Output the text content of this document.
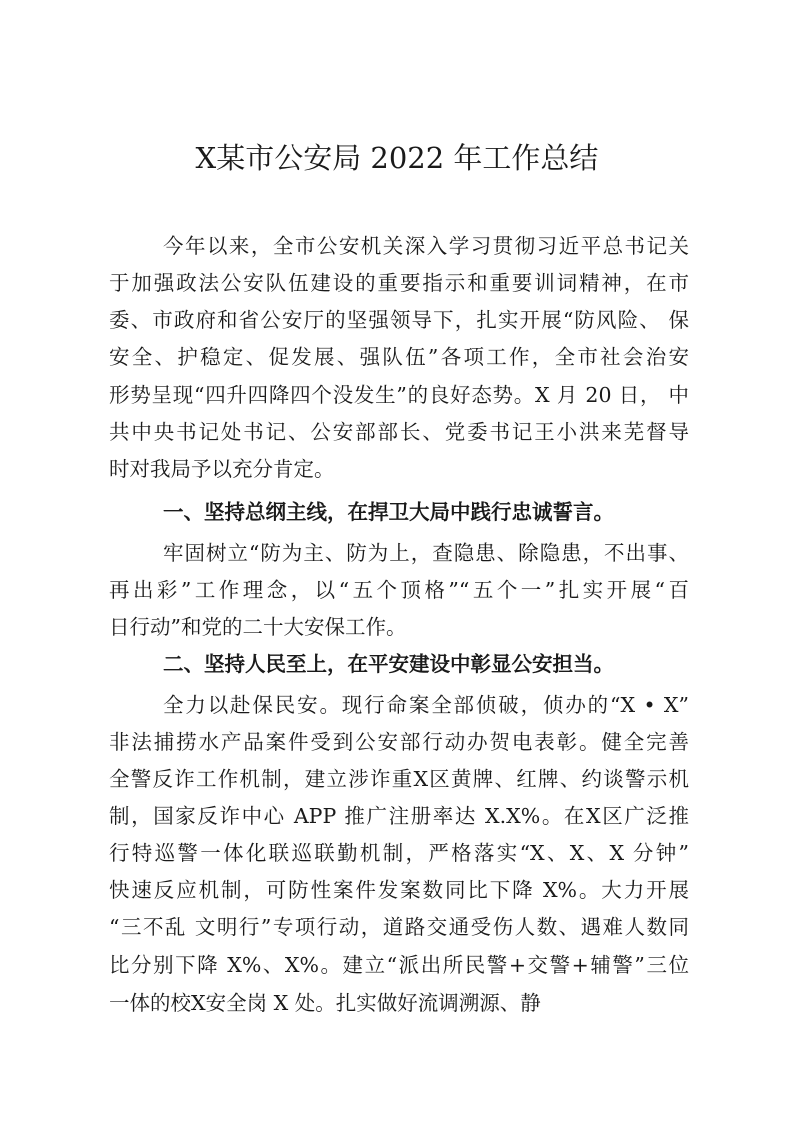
X某市公安局 2022 年工作总结
今年以来，全市公安机关深入学习贯彻习近平总书记关
于加强政法公安队伍建设的重要指示和重要训词精神，在市
委、市政府和省公安厅的坚强领导下，扎实开展“防风险、 保
安全、护稳定、促发展、强队伍”各项工作，全市社会治安
形势呈现“四升四降四个没发生”的良好态势。X 月 20 日， 中
共中央书记处书记、公安部部长、党委书记王小洪来芜督导
时对我局予以充分肯定。
一、坚持总纲主线，在捍卫大局中践行忠诚誓言。
牢固树立“防为主、防为上，查隐患、除隐患，不出事、
再出彩”工作理念，以“五个顶格”“五个一”扎实开展“百
日行动”和党的二十大安保工作。
二、坚持人民至上，在平安建设中彰显公安担当。
全力以赴保民安。现行命案全部侦破，侦办的“X • X”
非法捕捞水产品案件受到公安部行动办贺电表彰。健全完善
全警反诈工作机制，建立涉诈重X区黄牌、红牌、约谈警示机
制，国家反诈中心 APP 推广注册率达 X.X%。在X区广泛推
行特巡警一体化联巡联勤机制，严格落实“X、X、X 分钟”
快速反应机制，可防性案件发案数同比下降 X%。大力开展
“三不乱 文明行”专项行动，道路交通受伤人数、遇难人数同
比分别下降 X%、X%。建立“派出所民警+交警+辅警”三位
一体的校X安全岗 X 处。扎实做好流调溯源、静
